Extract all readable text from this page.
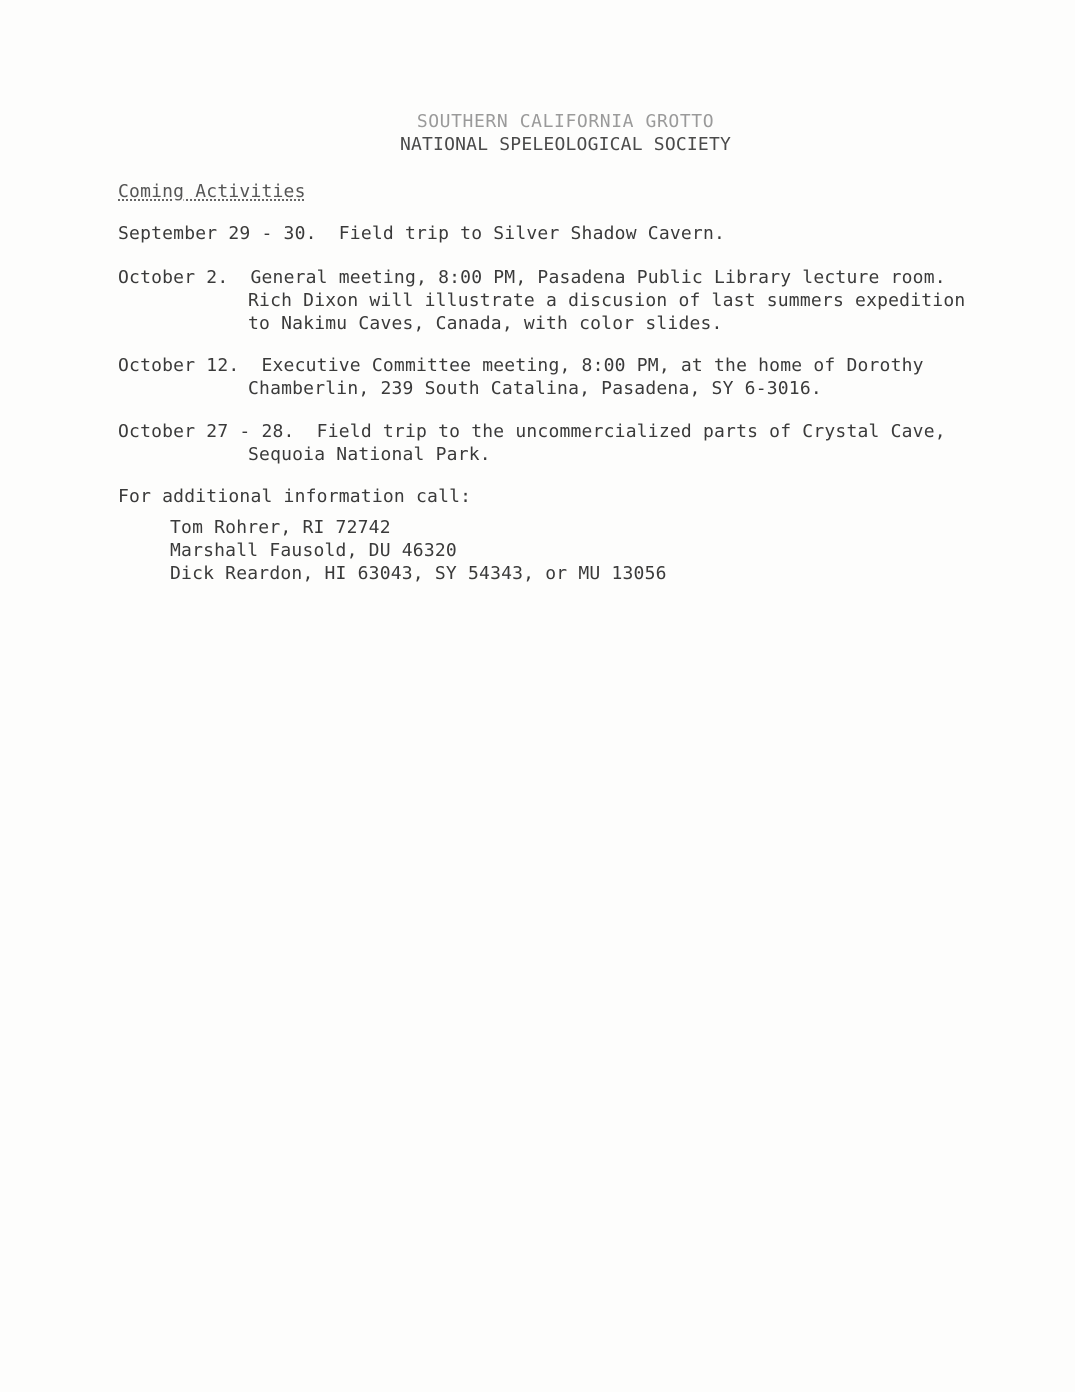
SOUTHERN CALIFORNIA GROTTO
NATIONAL SPELEOLOGICAL SOCIETY
Coming Activities
September 29 - 30.
Field trip to Silver Shadow Cavern.
October 2.
General meeting, 8:00 PM, Pasadena Public Library lecture room.
Rich Dixon will illustrate a discusion of last summers expedition
to Nakimu Caves, Canada, with color slides.
October 12.
Executive Committee meeting, 8:00 PM, at the home of Dorothy
Chamberlin, 239 South Catalina, Pasadena, SY 6-3016.
October 27 - 28.
Field trip to the uncommercialized parts of Crystal Cave,
Sequoia National Park.
For additional information call:
Tom Rohrer, RI 72742
Marshall Fausold, DU 46320
Dick Reardon, HI 63043, SY 54343, or MU 13056
